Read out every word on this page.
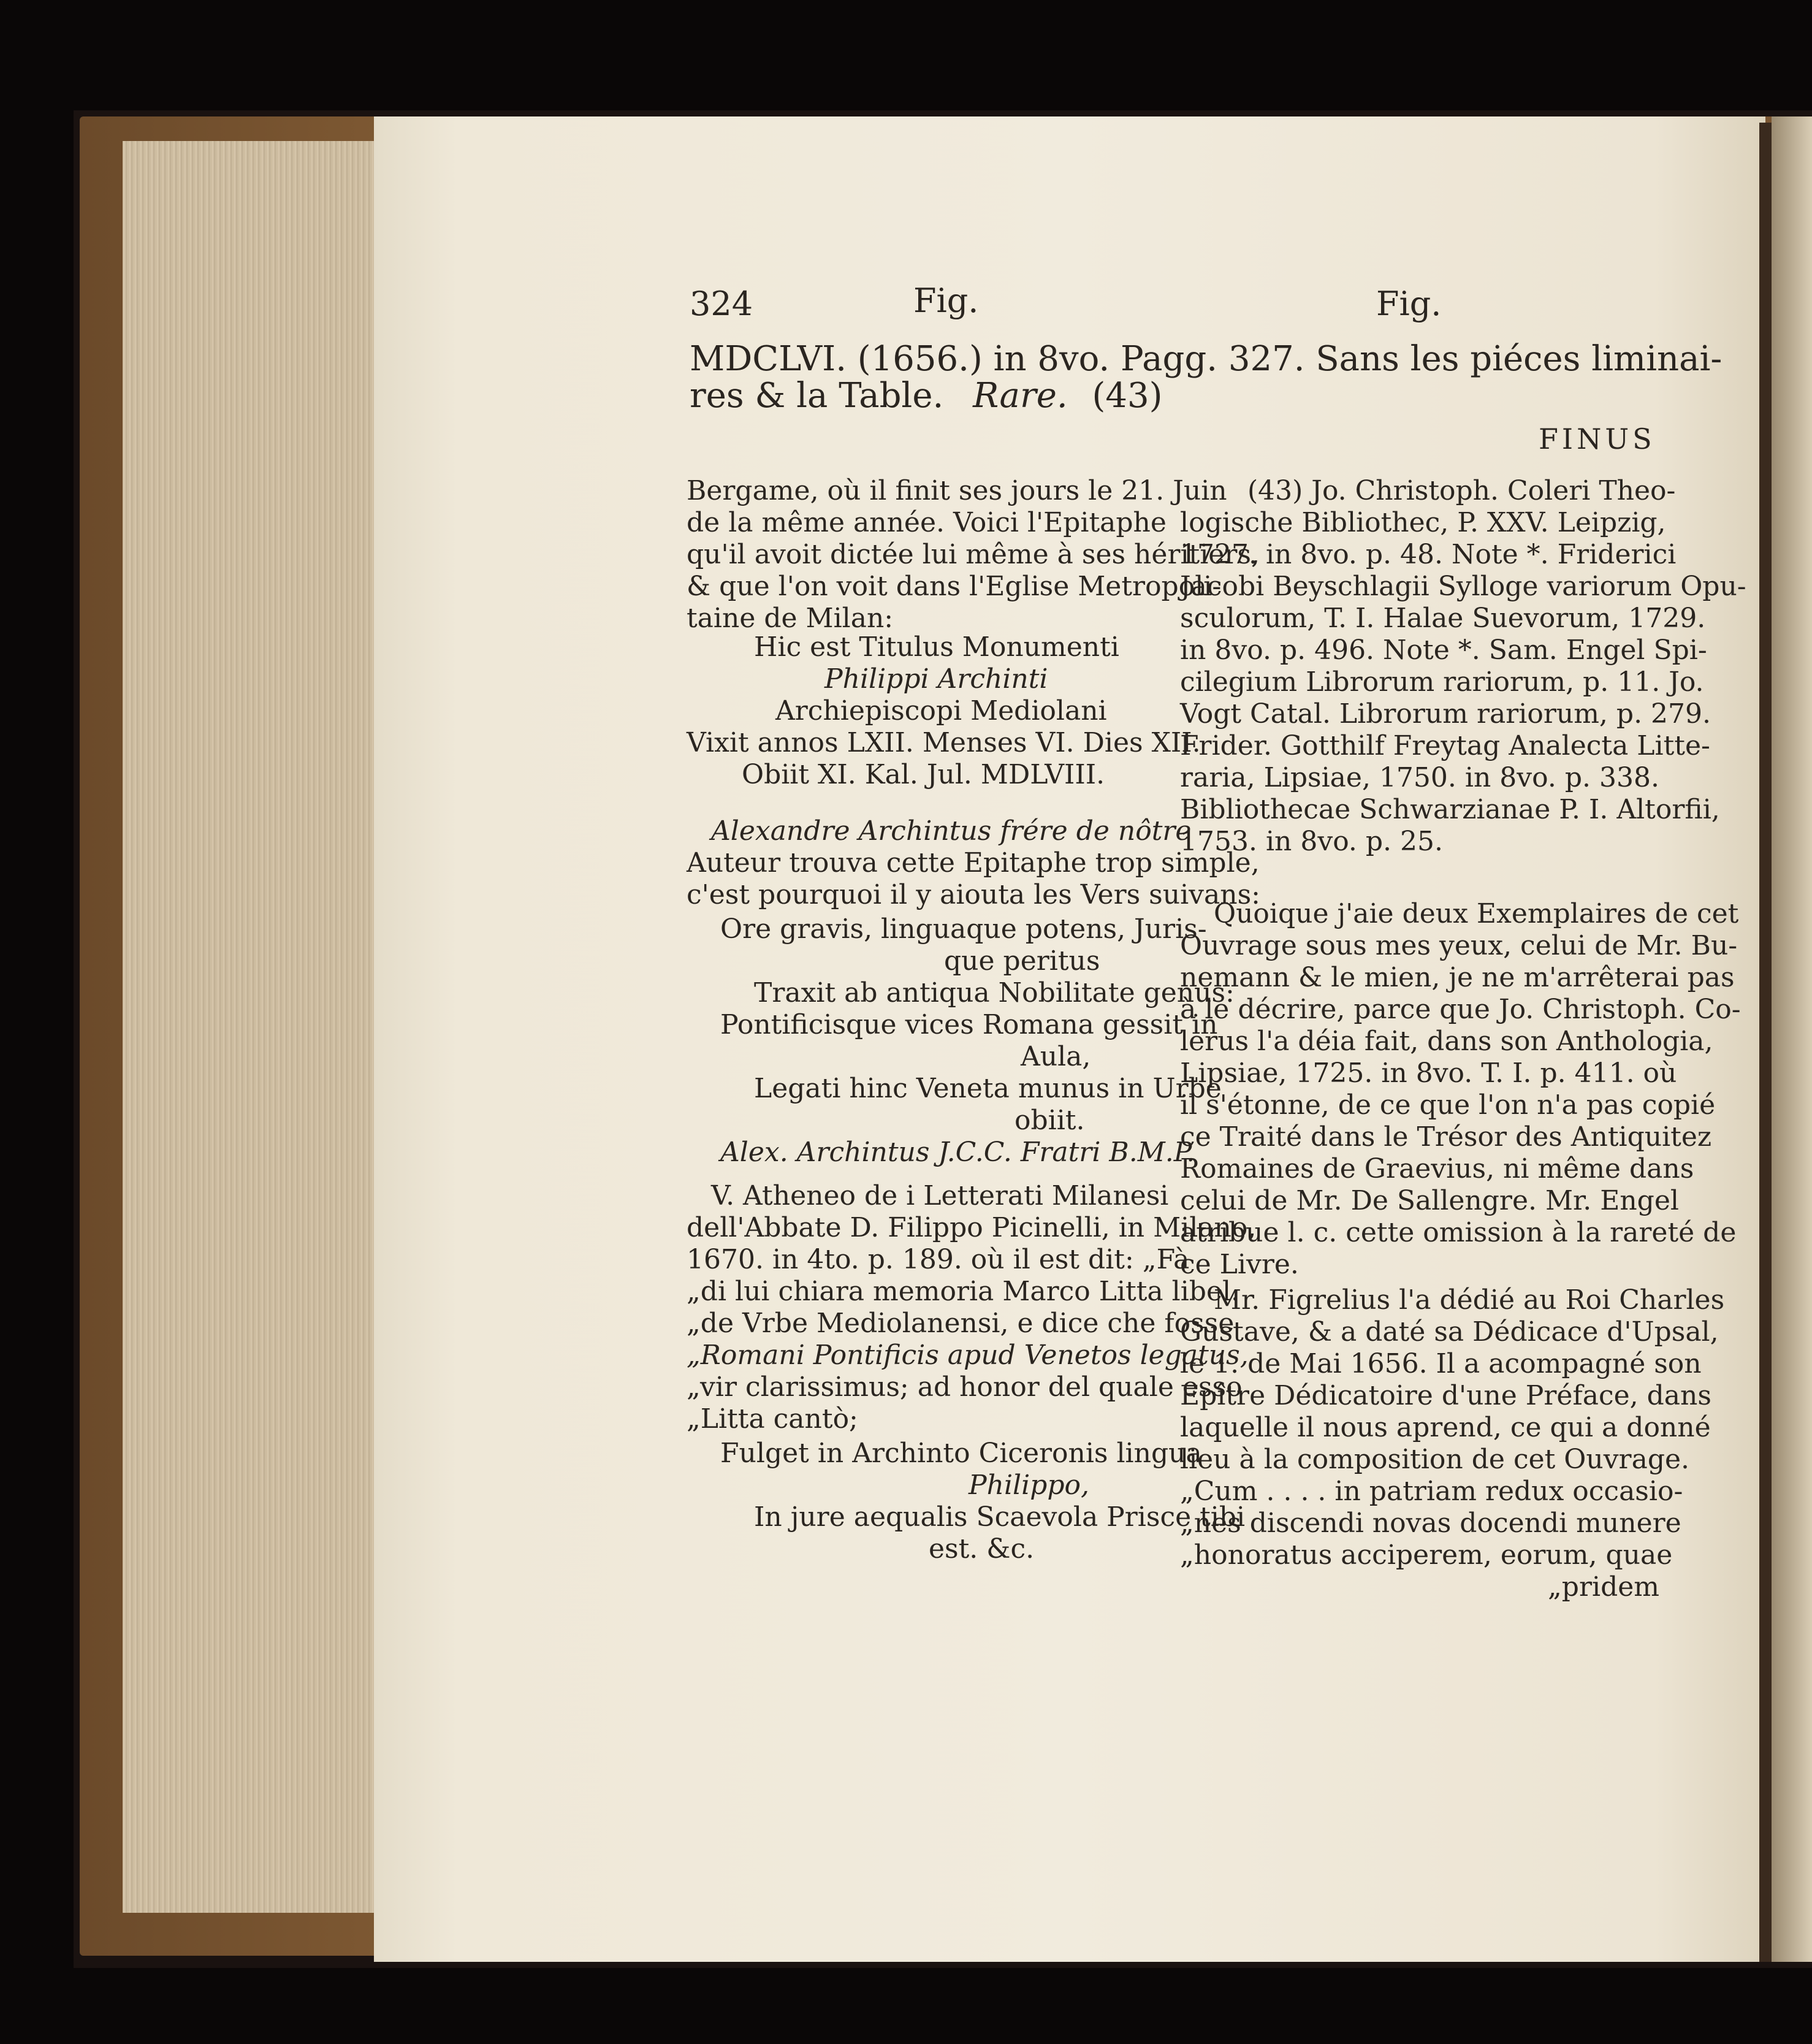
324	Fig.	Fig.
MDCLVI. (1656.) in 8vo. Pagg. 327. Sans les piéces liminai-
res & la Table. Rare. (43)
FINUS
Bergame, où il finit ses jours le 21. Juin
de la même année. Voici l'Epitaphe
qu'il avoit dictée lui même à ses héritiers,
& que l'on voit dans l'Eglise Metropoli-
taine de Milan:
Hic est Titulus Monumenti
Philippi Archinti
Archiepiscopi Mediolani
Vixit annos LXII. Menses VI. Dies XII.
Obiit XI. Kal. Jul. MDLVIII.
Alexandre Archintus frére de nôtre
Auteur trouva cette Epitaphe trop simple,
c'est pourquoi il y aiouta les Vers suivans:
Ore gravis, linguaque potens, Juris-
que peritus
Traxit ab antiqua Nobilitate genus:
Pontificisque vices Romana gessit in
Aula,
Legati hinc Veneta munus in Urbe
obiit.
Alex. Archintus J.C.C. Fratri B.M.P.
V. Atheneo de i Letterati Milanesi
dell'Abbate D. Filippo Picinelli, in Milano,
1670. in 4to. p. 189. où il est dit: „Fà
„di lui chiara memoria Marco Litta libel.
„de Vrbe Mediolanensi, e dice che fosse
„Romani Pontificis apud Venetos legatus,
„vir clarissimus; ad honor del quale esso
„Litta cantò;
Fulget in Archinto Ciceronis lingua
Philippo,
In jure aequalis Scaevola Prisce tibi
est. &c.
(43) Jo. Christoph. Coleri Theo-
logische Bibliothec, P. XXV. Leipzig,
1727. in 8vo. p. 48. Note *. Friderici
Jacobi Beyschlagii Sylloge variorum Opu-
sculorum, T. I. Halae Suevorum, 1729.
in 8vo. p. 496. Note *. Sam. Engel Spi-
cilegium Librorum rariorum, p. 11. Jo.
Vogt Catal. Librorum rariorum, p. 279.
Frider. Gotthilf Freytag Analecta Litte-
raria, Lipsiae, 1750. in 8vo. p. 338.
Bibliothecae Schwarzianae P. I. Altorfii,
1753. in 8vo. p. 25.
Quoique j'aie deux Exemplaires de cet
Ouvrage sous mes yeux, celui de Mr. Bu-
nemann & le mien, je ne m'arrêterai pas
à le décrire, parce que Jo. Christoph. Co-
lerus l'a déia fait, dans son Anthologia,
Lipsiae, 1725. in 8vo. T. I. p. 411. où
il s'étonne, de ce que l'on n'a pas copié
ce Traité dans le Trésor des Antiquitez
Romaines de Graevius, ni même dans
celui de Mr. De Sallengre. Mr. Engel
atribue l. c. cette omission à la rareté de
ce Livre.
Mr. Figrelius l'a dédié au Roi Charles
Gustave, & a daté sa Dédicace d'Upsal,
le 1. de Mai 1656. Il a acompagné son
Epître Dédicatoire d'une Préface, dans
laquelle il nous aprend, ce qui a donné
lieu à la composition de cet Ouvrage.
„Cum . . . . in patriam redux occasio-
„nes discendi novas docendi munere
„honoratus acciperem, eorum, quae
„pridem
